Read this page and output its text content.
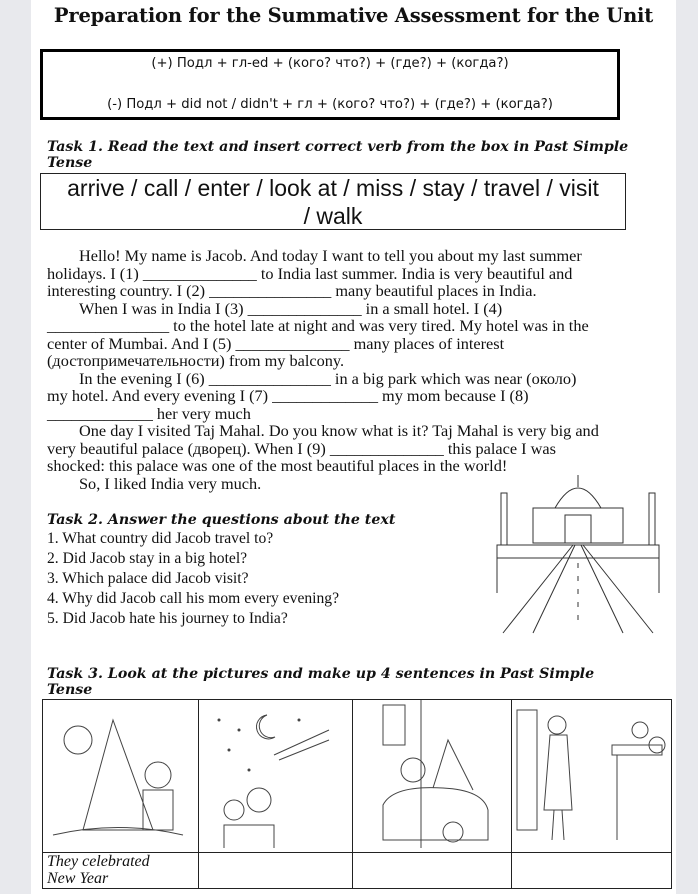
Preparation for the Summative Assessment for the Unit
(+) Подл + гл-ed + (кого? что?) + (где?) + (когда?)
(-) Подл + did not / didn't + гл + (кого? что?) + (где?) + (когда?)
Task 1. Read the text and insert correct verb from the box in Past Simple
Tense
arrive / call / enter / look at / miss / stay / travel / visit
/ walk
Hello! My name is Jacob. And today I want to tell you about my last summer
holidays. I (1) ______________ to India last summer. India is very beautiful and
interesting country. I (2) _______________ many beautiful places in India.
When I was in India I (3) ______________ in a small hotel. I (4)
_______________ to the hotel late at night and was very tired. My hotel was in the
center of Mumbai. And I (5) ______________ many places of interest
(достопримечательности) from my balcony.
In the evening I (6) _______________ in a big park which was near (около)
my hotel. And every evening I (7) _____________ my mom because I (8)
_____________ her very much
One day I visited Taj Mahal. Do you know what is it? Taj Mahal is very big and
very beautiful palace (дворец). When I (9) ______________ this palace I was
shocked: this palace was one of the most beautiful places in the world!
So, I liked India very much.
Task 2. Answer the questions about the text
1. What country did Jacob travel to?
2. Did Jacob stay in a big hotel?
3. Which palace did Jacob visit?
4. Why did Jacob call his mom every evening?
5. Did Jacob hate his journey to India?
Task 3. Look at the pictures and make up 4 sentences in Past Simple
Tense

They celebrated
New Year			
